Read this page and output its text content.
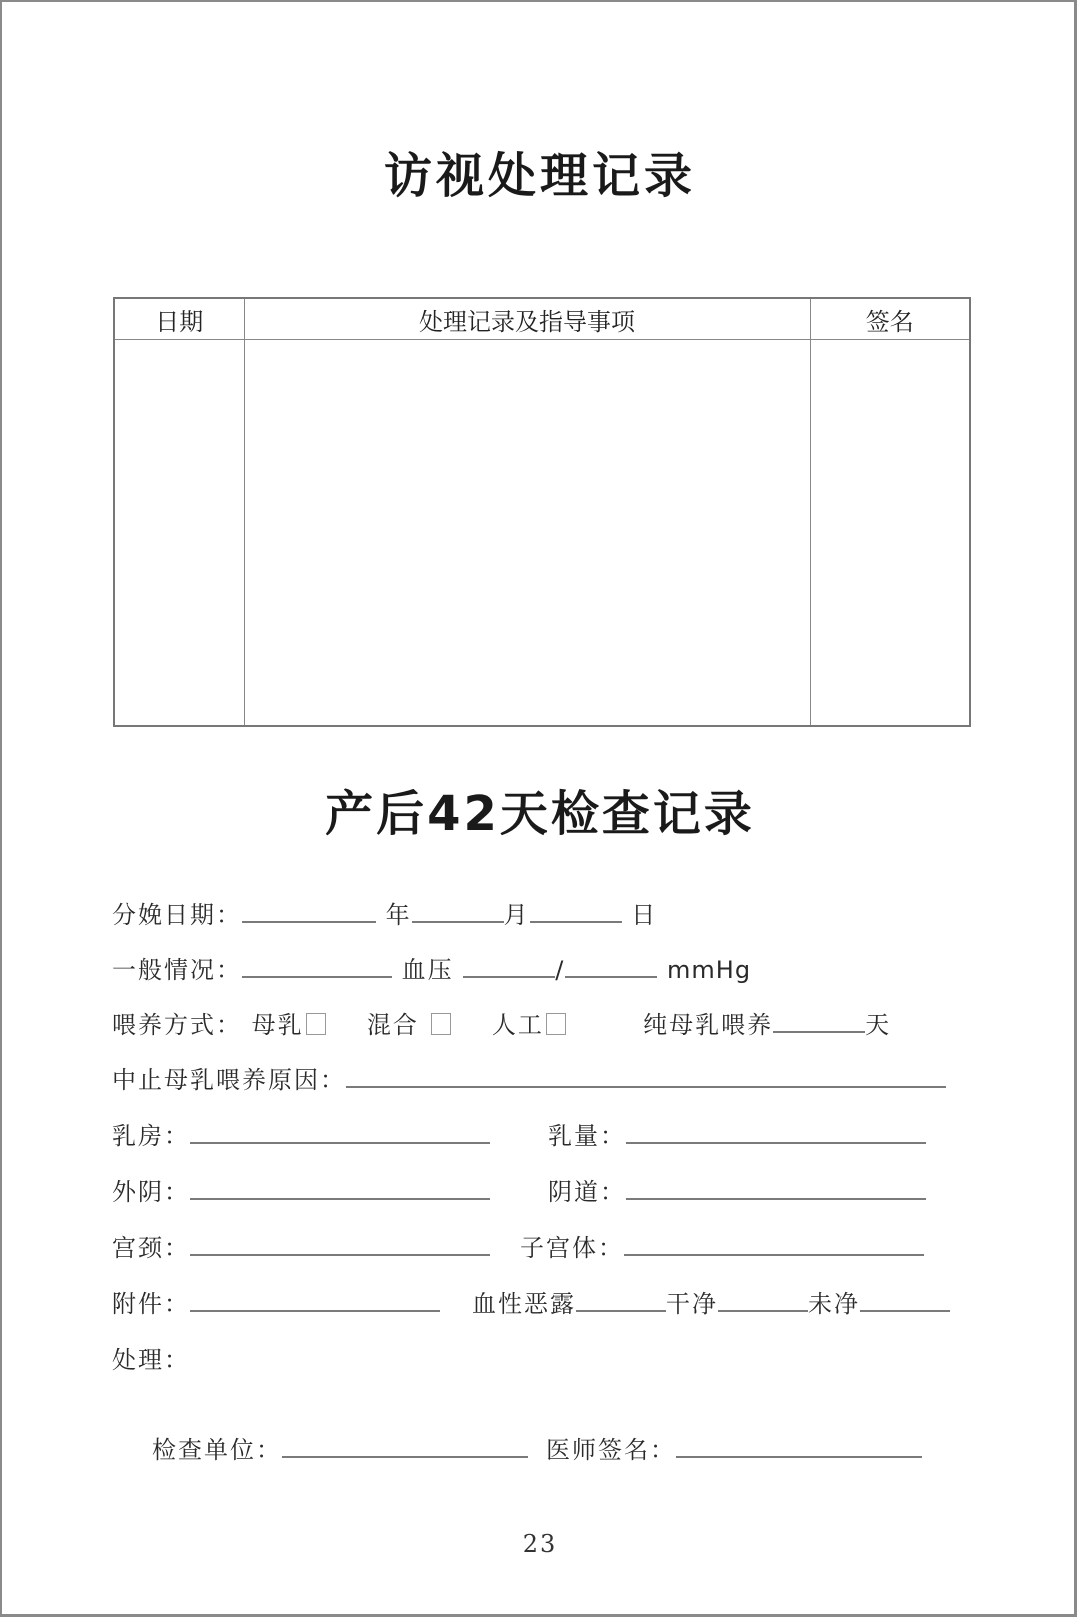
访视处理记录
日期	处理记录及指导事项	签名

产后42天检查记录
分娩日期：	年	月	日
一般情况：	血压	/	mmHg
喂养方式： 母乳	混合	人工	纯母乳喂养	天
中止母乳喂养原因：
乳房：	乳量：
外阴：	阴道：
宫颈：	子宫体：
附件：	血性恶露	干净	未净
处理：
检查单位：	医师签名：
23
